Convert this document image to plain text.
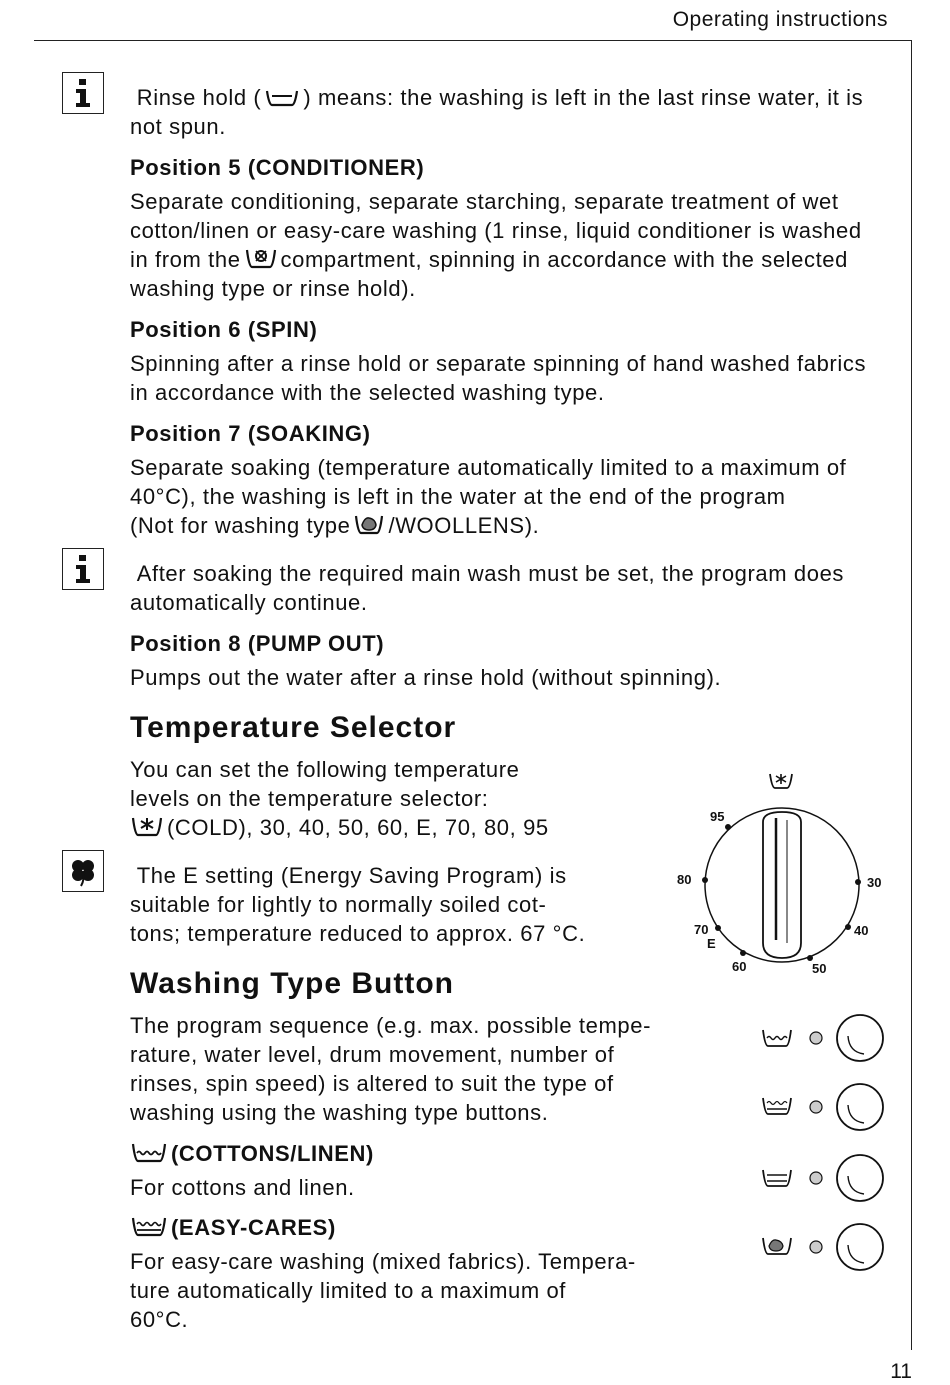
Operating instructions

Rinse hold ( ) means: the washing is left in the last rinse water, it is
not spun.

Position 5 (CONDITIONER)

Separate conditioning, separate starching, separate treatment of wet
cotton/linen or easy-care washing (1 rinse, liquid conditioner is washed
in from the compartment, spinning in accordance with the selected
washing type or rinse hold).

Position 6 (SPIN)

Spinning after a rinse hold or separate spinning of hand washed fabrics
in accordance with the selected washing type.

Position 7 (SOAKING)

Separate soaking (temperature automatically limited to a maximum of
40°C), the washing is left in the water at the end of the program
(Not for washing type /WOOLLENS).

After soaking the required main wash must be set, the program does
automatically continue.

Position 8 (PUMP OUT)

Pumps out the water after a rinse hold (without spinning).

Temperature Selector

You can set the following temperature
levels on the temperature selector:
(COLD), 30, 40, 50, 60, E, 70, 80, 95

The E setting (Energy Saving Program) is
suitable for lightly to normally soiled cot-
tons; temperature reduced to approx. 67 °C.

95
80
70
E
60	50
40
30
Washing Type Button

The program sequence (e.g. max. possible tempe-
rature, water level, drum movement, number of
rinses, spin speed) is altered to suit the type of
washing using the washing type buttons.

(COTTONS/LINEN)

For cottons and linen.

(EASY-CARES)

For easy-care washing (mixed fabrics). Tempera-
ture automatically limited to a maximum of
60°C.

11
